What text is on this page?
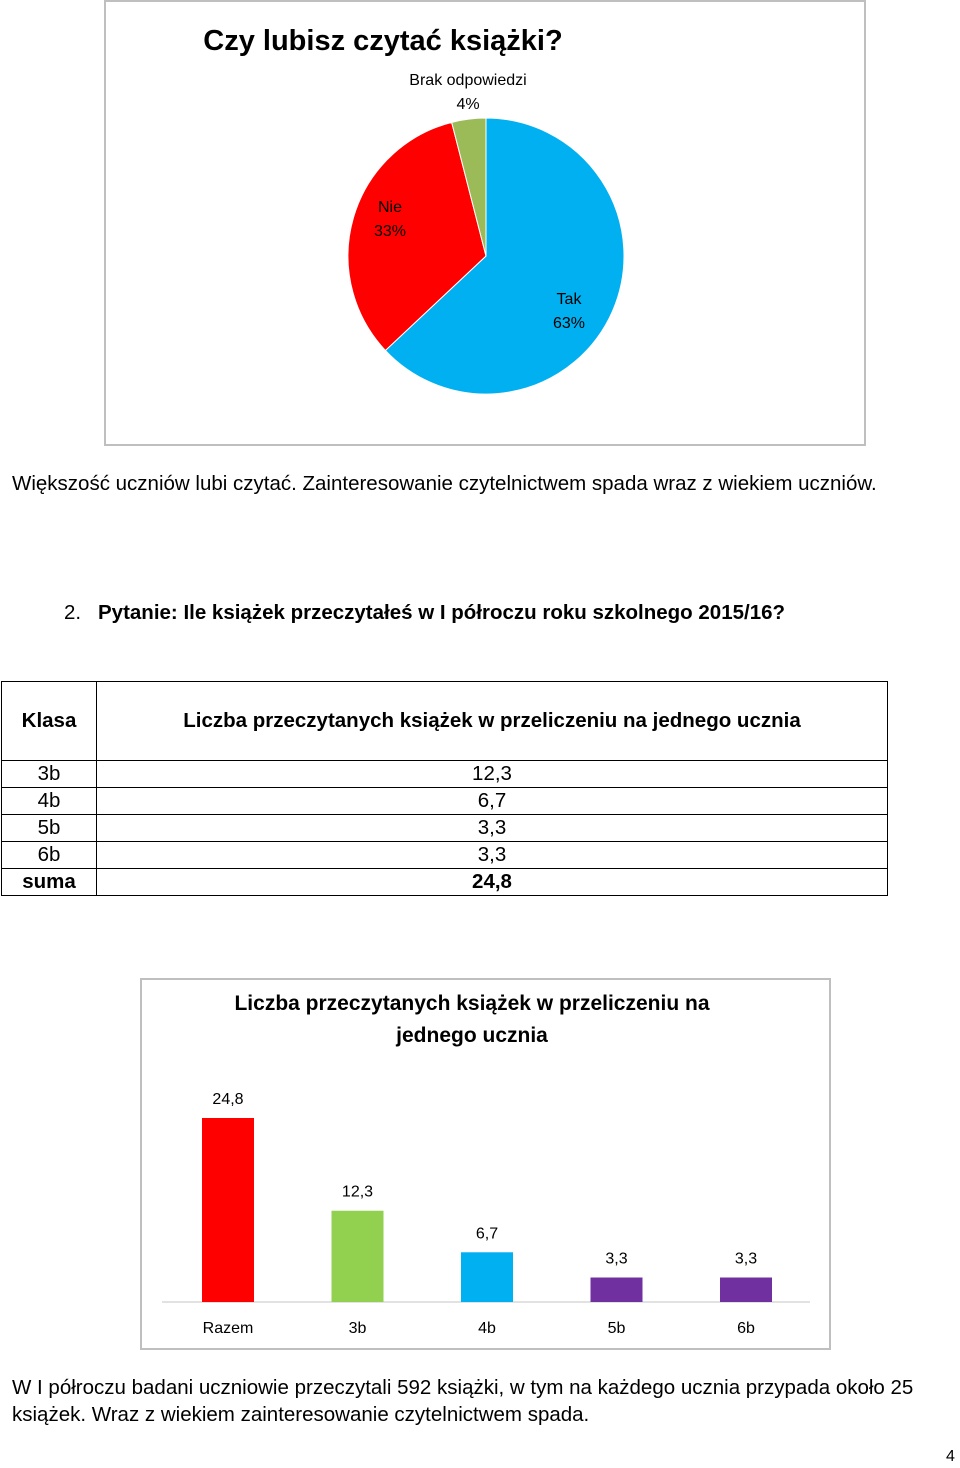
Czy lubisz czytać książki?
Tak
63%
Nie
33%
Brak odpowiedzi
4%

Większość uczniów lubi czytać. Zainteresowanie czytelnictwem spada wraz z wiekiem uczniów.

2. Pytanie: Ile książek przeczytałeś w I półroczu roku szkolnego 2015/16?
Klasa	Liczba przeczytanych książek w przeliczeniu na jednego ucznia
3b	12,3
4b	6,7
5b	3,3
6b	3,3
suma	24,8
Liczba przeczytanych książek w przeliczeniu na
jednego ucznia
24,8
Razem
12,3
3b
6,7
4b
3,3
5b
3,3
6b

W I półroczu badani uczniowie przeczytali 592 książki, w tym na każdego ucznia przypada około 25 książek. Wraz z wiekiem zainteresowanie czytelnictwem spada.

4
